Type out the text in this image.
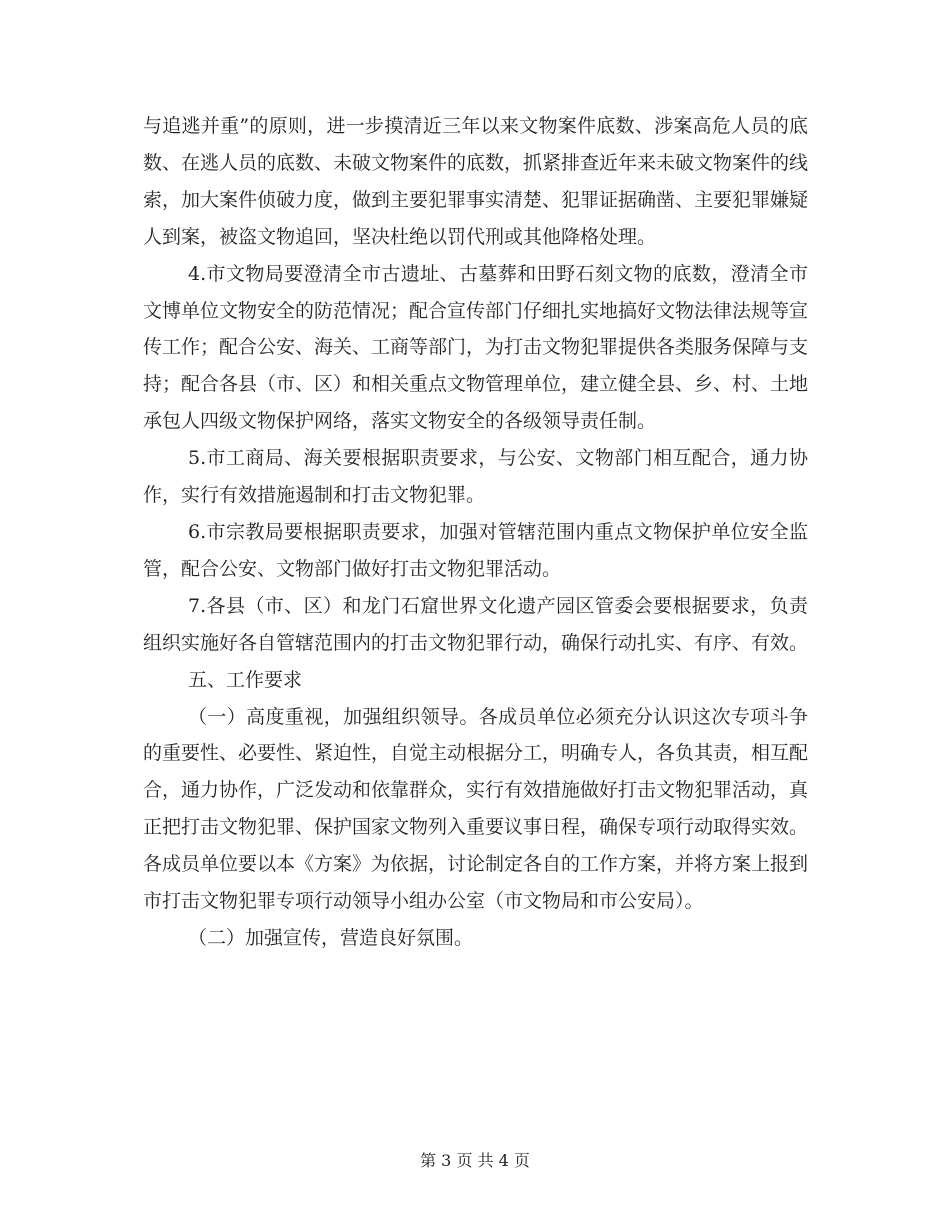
与追逃并重”的原则，进一步摸清近三年以来文物案件底数、涉案高危人员的底数、在逃人员的底数、未破文物案件的底数，抓紧排查近年来未破文物案件的线索，加大案件侦破力度，做到主要犯罪事实清楚、犯罪证据确凿、主要犯罪嫌疑人到案，被盗文物追回，坚决杜绝以罚代刑或其他降格处理。

4.市文物局要澄清全市古遗址、古墓葬和田野石刻文物的底数，澄清全市文博单位文物安全的防范情况；配合宣传部门仔细扎实地搞好文物法律法规等宣传工作；配合公安、海关、工商等部门，为打击文物犯罪提供各类服务保障与支持；配合各县（市、区）和相关重点文物管理单位，建立健全县、乡、村、土地承包人四级文物保护网络，落实文物安全的各级领导责任制。

5.市工商局、海关要根据职责要求，与公安、文物部门相互配合，通力协作，实行有效措施遏制和打击文物犯罪。

6.市宗教局要根据职责要求，加强对管辖范围内重点文物保护单位安全监管，配合公安、文物部门做好打击文物犯罪活动。

7.各县（市、区）和龙门石窟世界文化遗产园区管委会要根据要求，负责组织实施好各自管辖范围内的打击文物犯罪行动，确保行动扎实、有序、有效。

五、工作要求

（一）高度重视，加强组织领导。各成员单位必须充分认识这次专项斗争的重要性、必要性、紧迫性，自觉主动根据分工，明确专人，各负其责，相互配合，通力协作，广泛发动和依靠群众，实行有效措施做好打击文物犯罪活动，真正把打击文物犯罪、保护国家文物列入重要议事日程，确保专项行动取得实效。各成员单位要以本《方案》为依据，讨论制定各自的工作方案，并将方案上报到市打击文物犯罪专项行动领导小组办公室（市文物局和市公安局）。

（二）加强宣传，营造良好氛围。

第 3 页 共 4 页
